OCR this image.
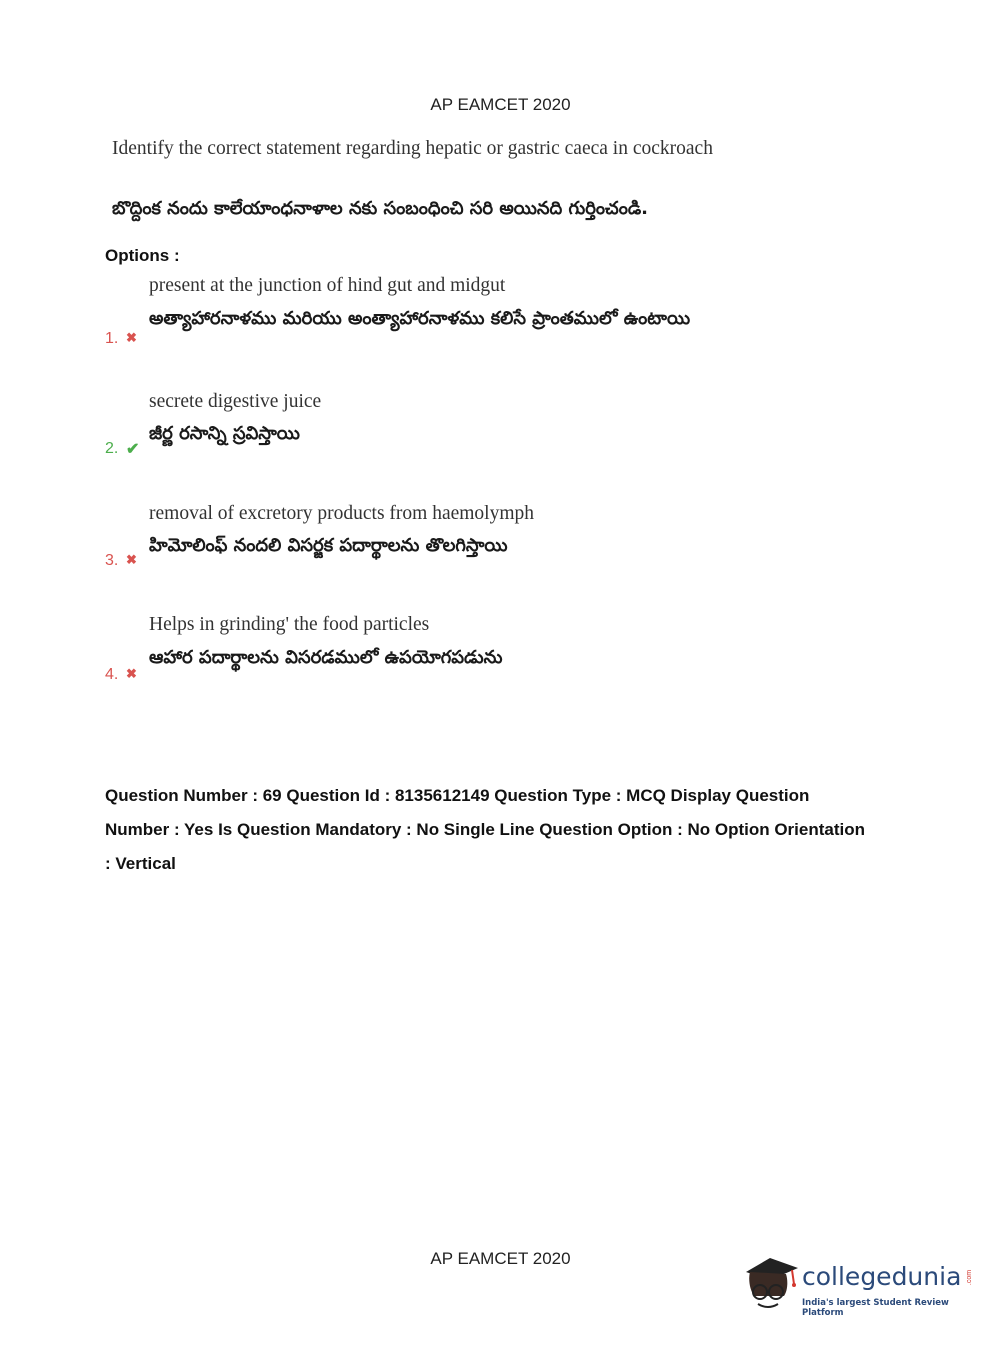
AP EAMCET 2020
Identify the correct statement regarding hepatic or gastric caeca in cockroach
బొద్దింక నందు కాలేయాంధనాళాల నకు సంబంధించి సరి అయినది గుర్తించండి.
Options :
present at the junction of hind gut and midgut
అత్యాహారనాళము మరియు అంత్యాహారనాళము కలిసే ప్రాంతములో ఉంటాయి
1. ✖
secrete digestive juice
జీర్ణ రసాన్ని స్రవిస్తాయి
2. ✔
removal of excretory products from haemolymph
హిమోలింఫ్ నందలి విసర్జక పదార్థాలను తొలగిస్తాయి
3. ✖
Helps in grinding' the food particles
ఆహార పదార్థాలను విసరడములో ఉపయోగపడును
4. ✖
Question Number : 69 Question Id : 8135612149 Question Type : MCQ Display Question Number : Yes Is Question Mandatory : No Single Line Question Option : No Option Orientation : Vertical
AP EAMCET 2020
collegedunia .com
India's largest Student Review Platform
